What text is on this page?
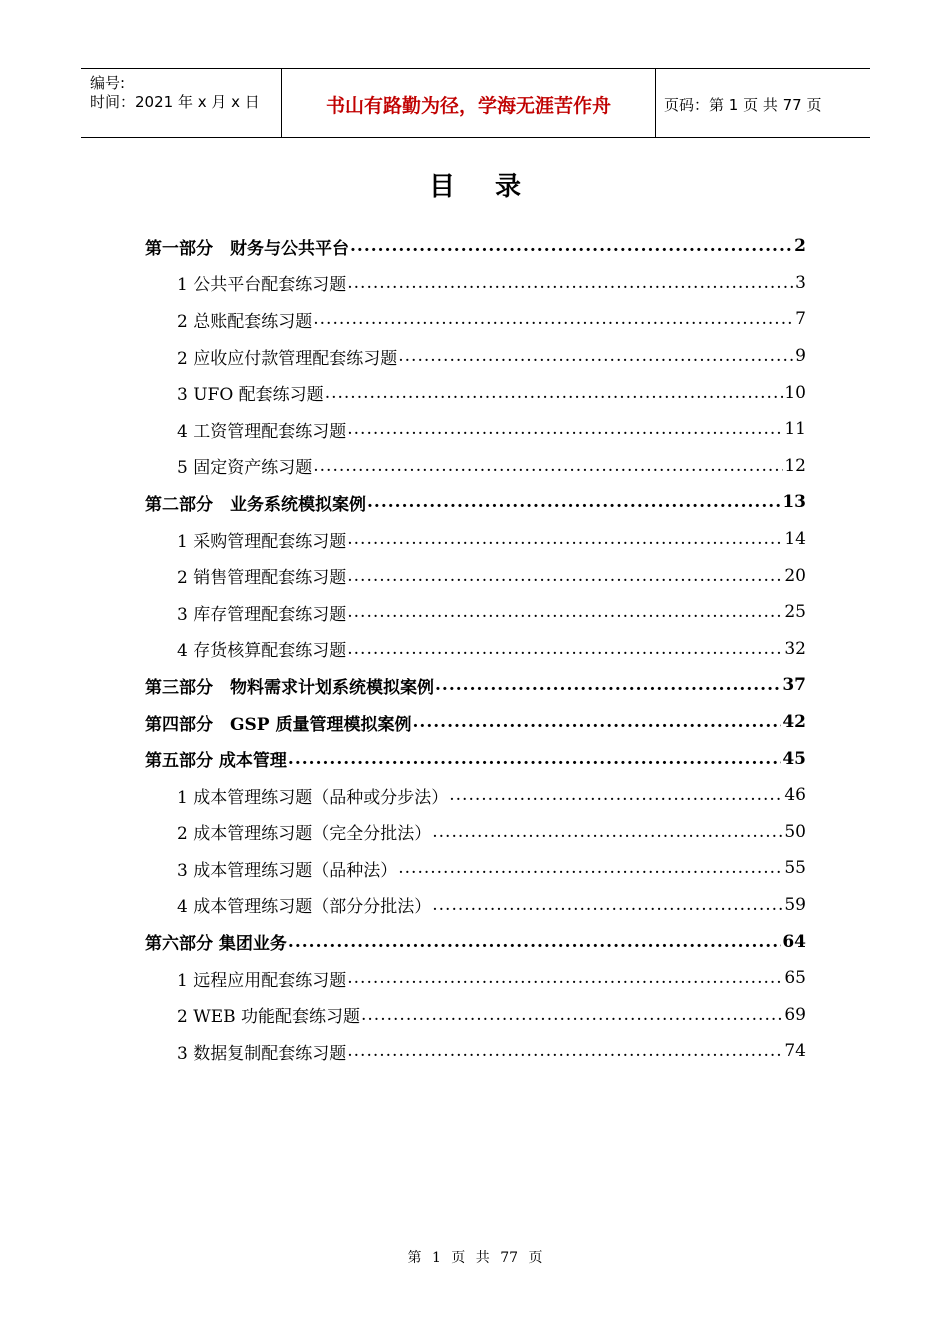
编号:
时间：2021 年 x 月 x 日	书山有路勤为径，学海无涯苦作舟	页码：第 1 页 共 77 页
目录
第一部分　财务与公共平台 .....	2
1 公共平台配套练习题 .....	3
2 总账配套练习题 .....	7
2 应收应付款管理配套练习题 .....	9
3 UFO 配套练习题 .....	10
4 工资管理配套练习题 .....	11
5 固定资产练习题 .....	12
第二部分　业务系统模拟案例 .....	13
1 采购管理配套练习题 .....	14
2 销售管理配套练习题 .....	20
3 库存管理配套练习题 .....	25
4 存货核算配套练习题 .....	32
第三部分　物料需求计划系统模拟案例 .....	37
第四部分　GSP 质量管理模拟案例 .....	42
第五部分 成本管理 .....	45
1 成本管理练习题（品种或分步法） .....	46
2 成本管理练习题（完全分批法） .....	50
3 成本管理练习题（品种法） .....	55
4 成本管理练习题（部分分批法） .....	59
第六部分 集团业务 .....	64
1 远程应用配套练习题 .....	65
2 WEB 功能配套练习题 .....	69
3 数据复制配套练习题 .....	74
第 1 页 共 77 页
